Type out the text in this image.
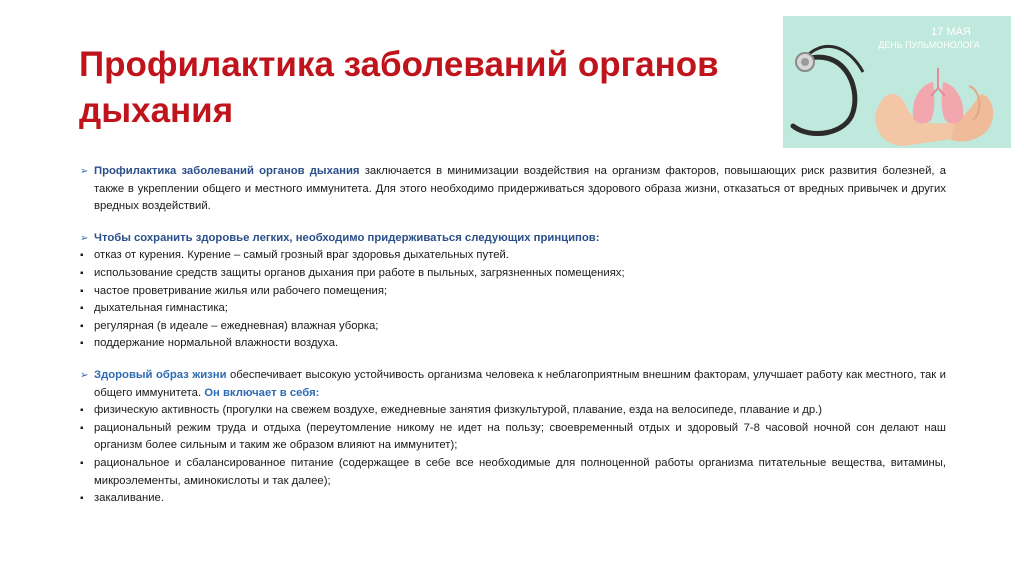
Профилактика заболеваний органов дыхания
17 МАЯ
ДЕНЬ ПУЛЬМОНОЛОГА
➢ Профилактика заболеваний органов дыхания заключается в минимизации воздействия на организм факторов, повышающих риск развития болезней, а также в укреплении общего и местного иммунитета. Для этого необходимо придерживаться здорового образа жизни, отказаться от вредных привычек и других вредных воздействий.
➢ Чтобы сохранить здоровье легких, необходимо придерживаться следующих принципов:
▪ отказ от курения. Курение – самый грозный враг здоровья дыхательных путей.
▪ использование средств защиты органов дыхания при работе в пыльных, загрязненных помещениях;
▪ частое проветривание жилья или рабочего помещения;
▪ дыхательная гимнастика;
▪ регулярная (в идеале – ежедневная) влажная уборка;
▪ поддержание нормальной влажности воздуха.
➢ Здоровый образ жизни обеспечивает высокую устойчивость организма человека к неблагоприятным внешним факторам, улучшает работу как местного, так и общего иммунитета. Он включает в себя:
▪ физическую активность (прогулки на свежем воздухе, ежедневные занятия физкультурой, плавание, езда на велосипеде, плавание и др.)
▪ рациональный режим труда и отдыха (переутомление никому не идет на пользу; своевременный отдых и здоровый 7-8 часовой ночной сон делают наш организм более сильным и таким же образом влияют на иммунитет);
▪ рациональное и сбалансированное питание (содержащее в себе все необходимые для полноценной работы организма питательные вещества, витамины, микроэлементы, аминокислоты и так далее);
▪ закаливание.
